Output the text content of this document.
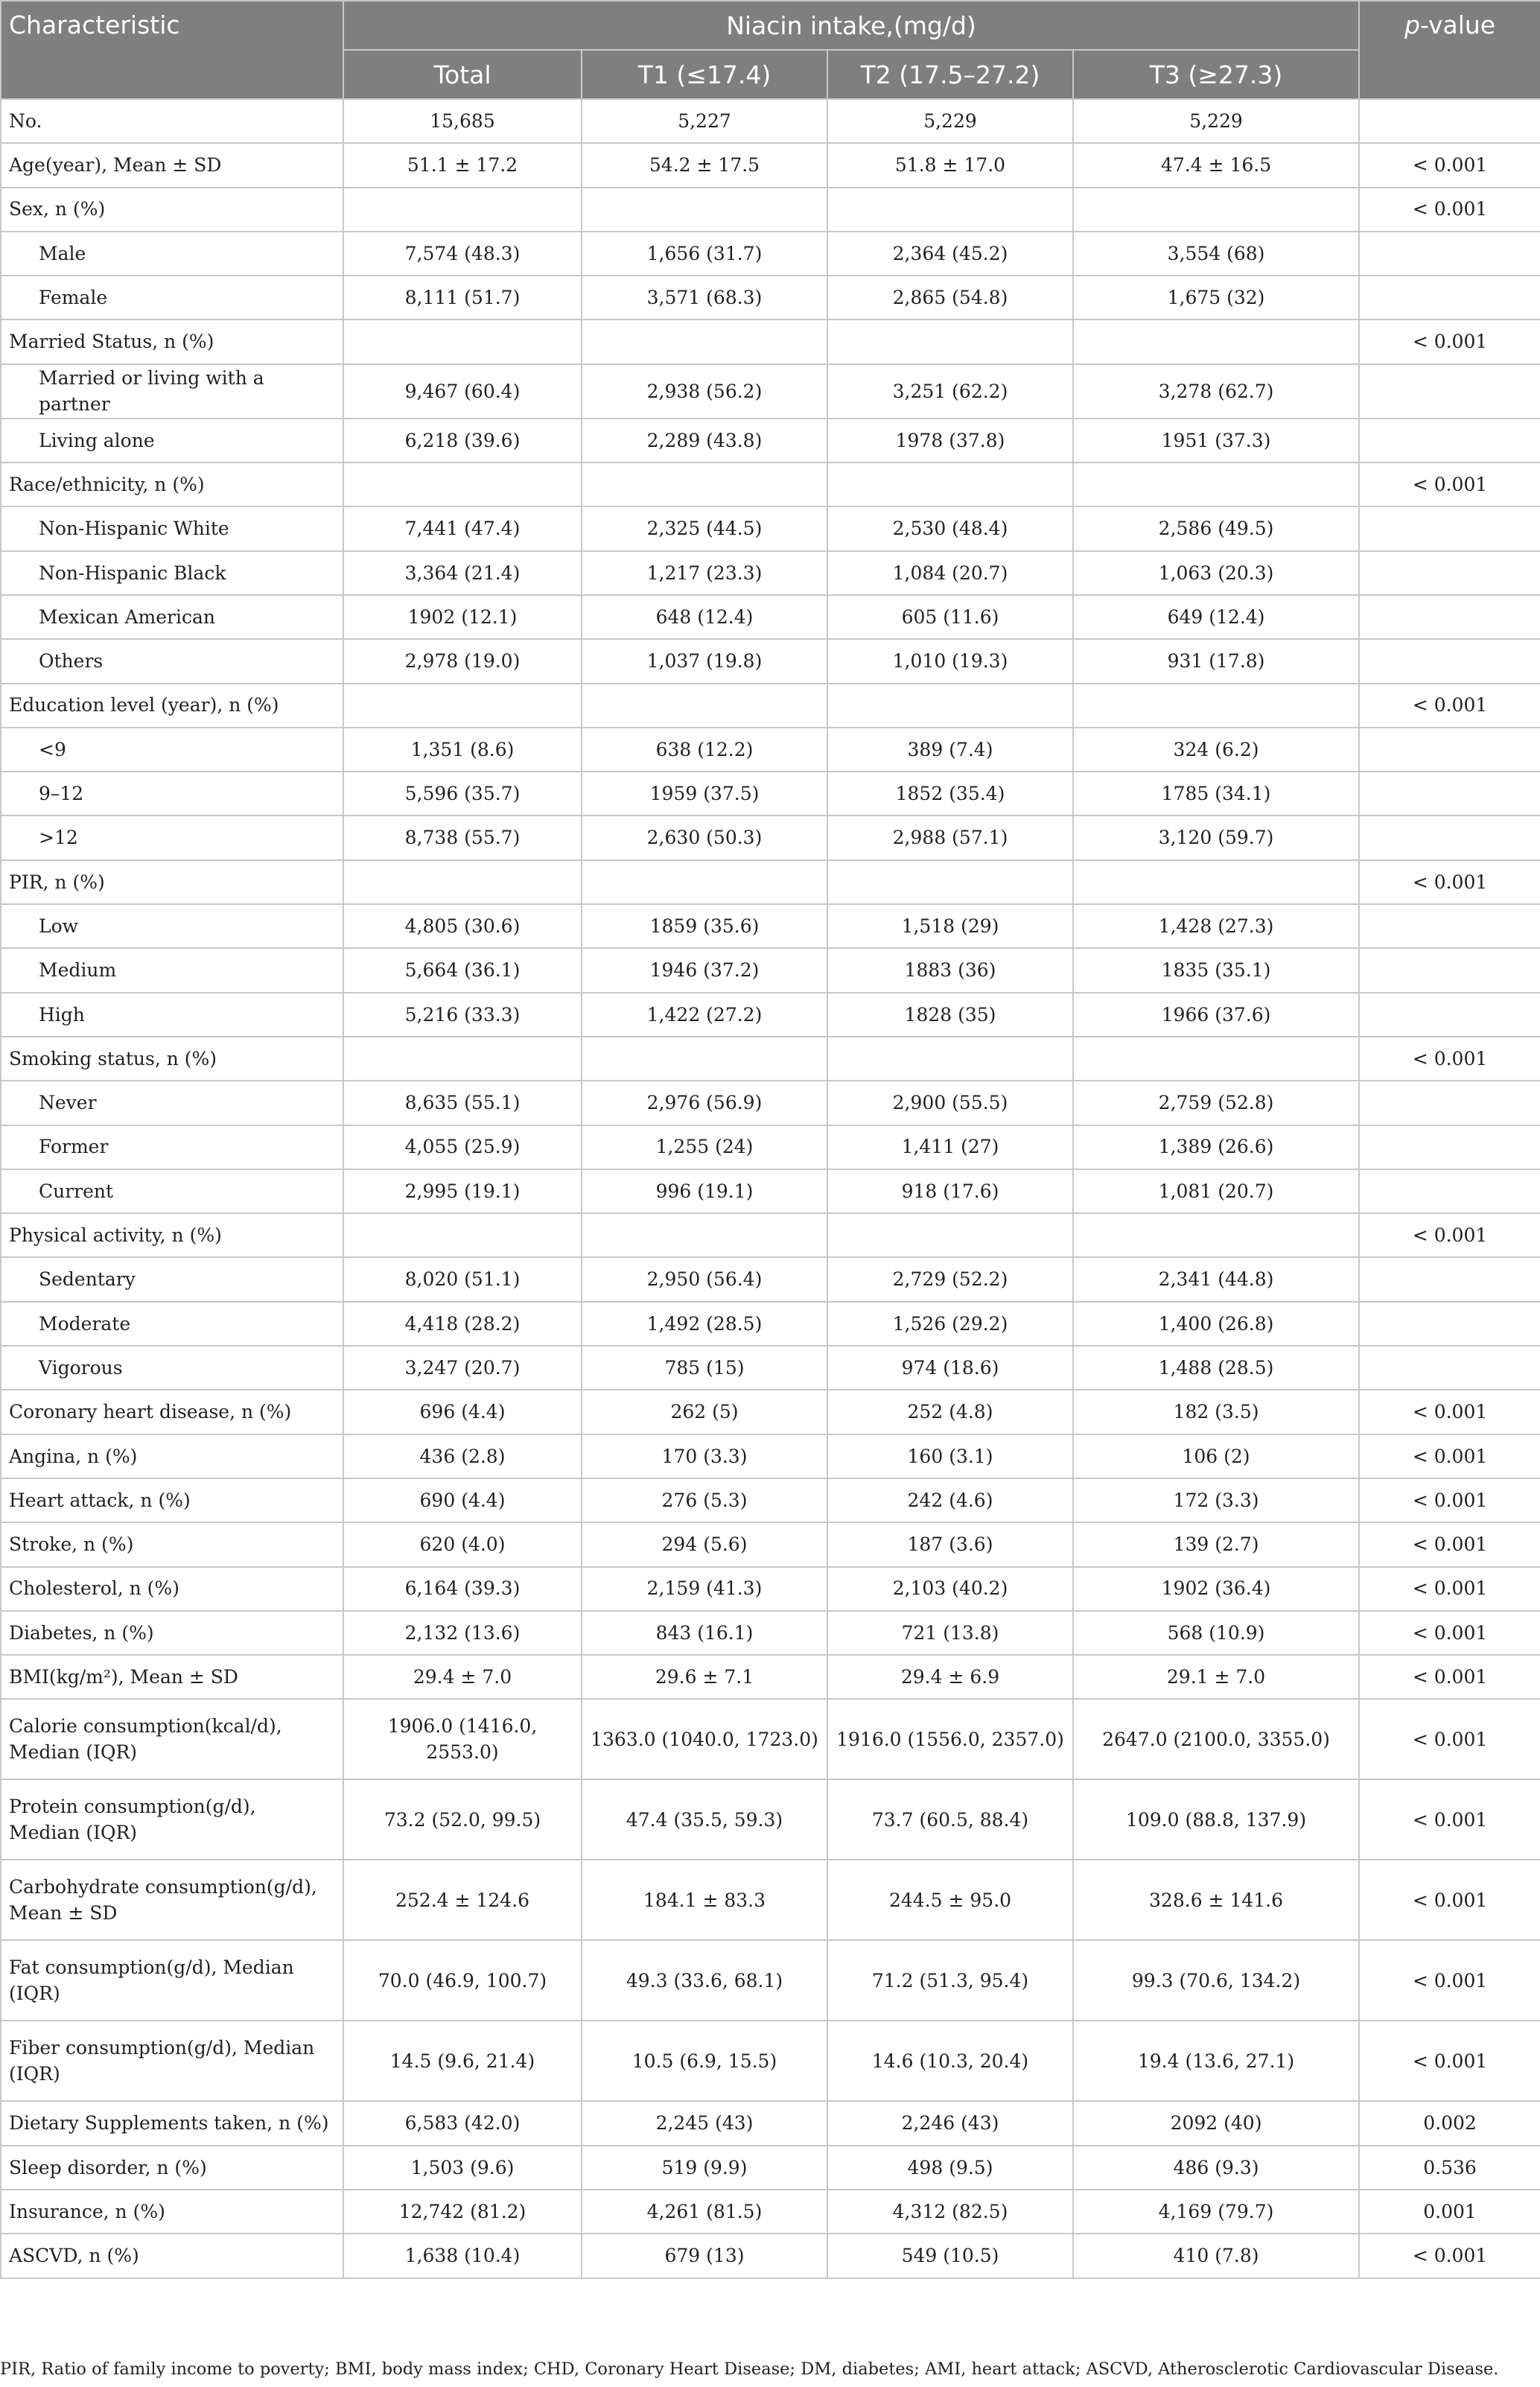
Characteristic	Niacin intake,(mg/d)				p-value
	Total	T1 (≤17.4)	T2 (17.5–27.2)	T3 (≥27.3)	
No.	15,685	5,227	5,229	5,229	
Age(year), Mean ± SD	51.1 ± 17.2	54.2 ± 17.5	51.8 ± 17.0	47.4 ± 16.5	< 0.001
Sex, n (%)					< 0.001
Male	7,574 (48.3)	1,656 (31.7)	2,364 (45.2)	3,554 (68)	
Female	8,111 (51.7)	3,571 (68.3)	2,865 (54.8)	1,675 (32)	
Married Status, n (%)					< 0.001
Married or living with a partner	9,467 (60.4)	2,938 (56.2)	3,251 (62.2)	3,278 (62.7)	
Living alone	6,218 (39.6)	2,289 (43.8)	1978 (37.8)	1951 (37.3)	
Race/ethnicity, n (%)					< 0.001
Non-Hispanic White	7,441 (47.4)	2,325 (44.5)	2,530 (48.4)	2,586 (49.5)	
Non-Hispanic Black	3,364 (21.4)	1,217 (23.3)	1,084 (20.7)	1,063 (20.3)	
Mexican American	1902 (12.1)	648 (12.4)	605 (11.6)	649 (12.4)	
Others	2,978 (19.0)	1,037 (19.8)	1,010 (19.3)	931 (17.8)	
Education level (year), n (%)					< 0.001
<9	1,351 (8.6)	638 (12.2)	389 (7.4)	324 (6.2)	
9–12	5,596 (35.7)	1959 (37.5)	1852 (35.4)	1785 (34.1)	
>12	8,738 (55.7)	2,630 (50.3)	2,988 (57.1)	3,120 (59.7)	
PIR, n (%)					< 0.001
Low	4,805 (30.6)	1859 (35.6)	1,518 (29)	1,428 (27.3)	
Medium	5,664 (36.1)	1946 (37.2)	1883 (36)	1835 (35.1)	
High	5,216 (33.3)	1,422 (27.2)	1828 (35)	1966 (37.6)	
Smoking status, n (%)					< 0.001
Never	8,635 (55.1)	2,976 (56.9)	2,900 (55.5)	2,759 (52.8)	
Former	4,055 (25.9)	1,255 (24)	1,411 (27)	1,389 (26.6)	
Current	2,995 (19.1)	996 (19.1)	918 (17.6)	1,081 (20.7)	
Physical activity, n (%)					< 0.001
Sedentary	8,020 (51.1)	2,950 (56.4)	2,729 (52.2)	2,341 (44.8)	
Moderate	4,418 (28.2)	1,492 (28.5)	1,526 (29.2)	1,400 (26.8)	
Vigorous	3,247 (20.7)	785 (15)	974 (18.6)	1,488 (28.5)	
Coronary heart disease, n (%)	696 (4.4)	262 (5)	252 (4.8)	182 (3.5)	< 0.001
Angina, n (%)	436 (2.8)	170 (3.3)	160 (3.1)	106 (2)	< 0.001
Heart attack, n (%)	690 (4.4)	276 (5.3)	242 (4.6)	172 (3.3)	< 0.001
Stroke, n (%)	620 (4.0)	294 (5.6)	187 (3.6)	139 (2.7)	< 0.001
Cholesterol, n (%)	6,164 (39.3)	2,159 (41.3)	2,103 (40.2)	1902 (36.4)	< 0.001
Diabetes, n (%)	2,132 (13.6)	843 (16.1)	721 (13.8)	568 (10.9)	< 0.001
BMI(kg/m²), Mean ± SD	29.4 ± 7.0	29.6 ± 7.1	29.4 ± 6.9	29.1 ± 7.0	< 0.001
Calorie consumption(kcal/d), Median (IQR)	1906.0 (1416.0, 2553.0)	1363.0 (1040.0, 1723.0)	1916.0 (1556.0, 2357.0)	2647.0 (2100.0, 3355.0)	< 0.001
Protein consumption(g/d), Median (IQR)	73.2 (52.0, 99.5)	47.4 (35.5, 59.3)	73.7 (60.5, 88.4)	109.0 (88.8, 137.9)	< 0.001
Carbohydrate consumption(g/d), Mean ± SD	252.4 ± 124.6	184.1 ± 83.3	244.5 ± 95.0	328.6 ± 141.6	< 0.001
Fat consumption(g/d), Median (IQR)	70.0 (46.9, 100.7)	49.3 (33.6, 68.1)	71.2 (51.3, 95.4)	99.3 (70.6, 134.2)	< 0.001
Fiber consumption(g/d), Median (IQR)	14.5 (9.6, 21.4)	10.5 (6.9, 15.5)	14.6 (10.3, 20.4)	19.4 (13.6, 27.1)	< 0.001
Dietary Supplements taken, n (%)	6,583 (42.0)	2,245 (43)	2,246 (43)	2092 (40)	0.002
Sleep disorder, n (%)	1,503 (9.6)	519 (9.9)	498 (9.5)	486 (9.3)	0.536
Insurance, n (%)	12,742 (81.2)	4,261 (81.5)	4,312 (82.5)	4,169 (79.7)	0.001
ASCVD, n (%)	1,638 (10.4)	679 (13)	549 (10.5)	410 (7.8)	< 0.001
PIR, Ratio of family income to poverty; BMI, body mass index; CHD, Coronary Heart Disease; DM, diabetes; AMI, heart attack; ASCVD, Atherosclerotic Cardiovascular Disease.
